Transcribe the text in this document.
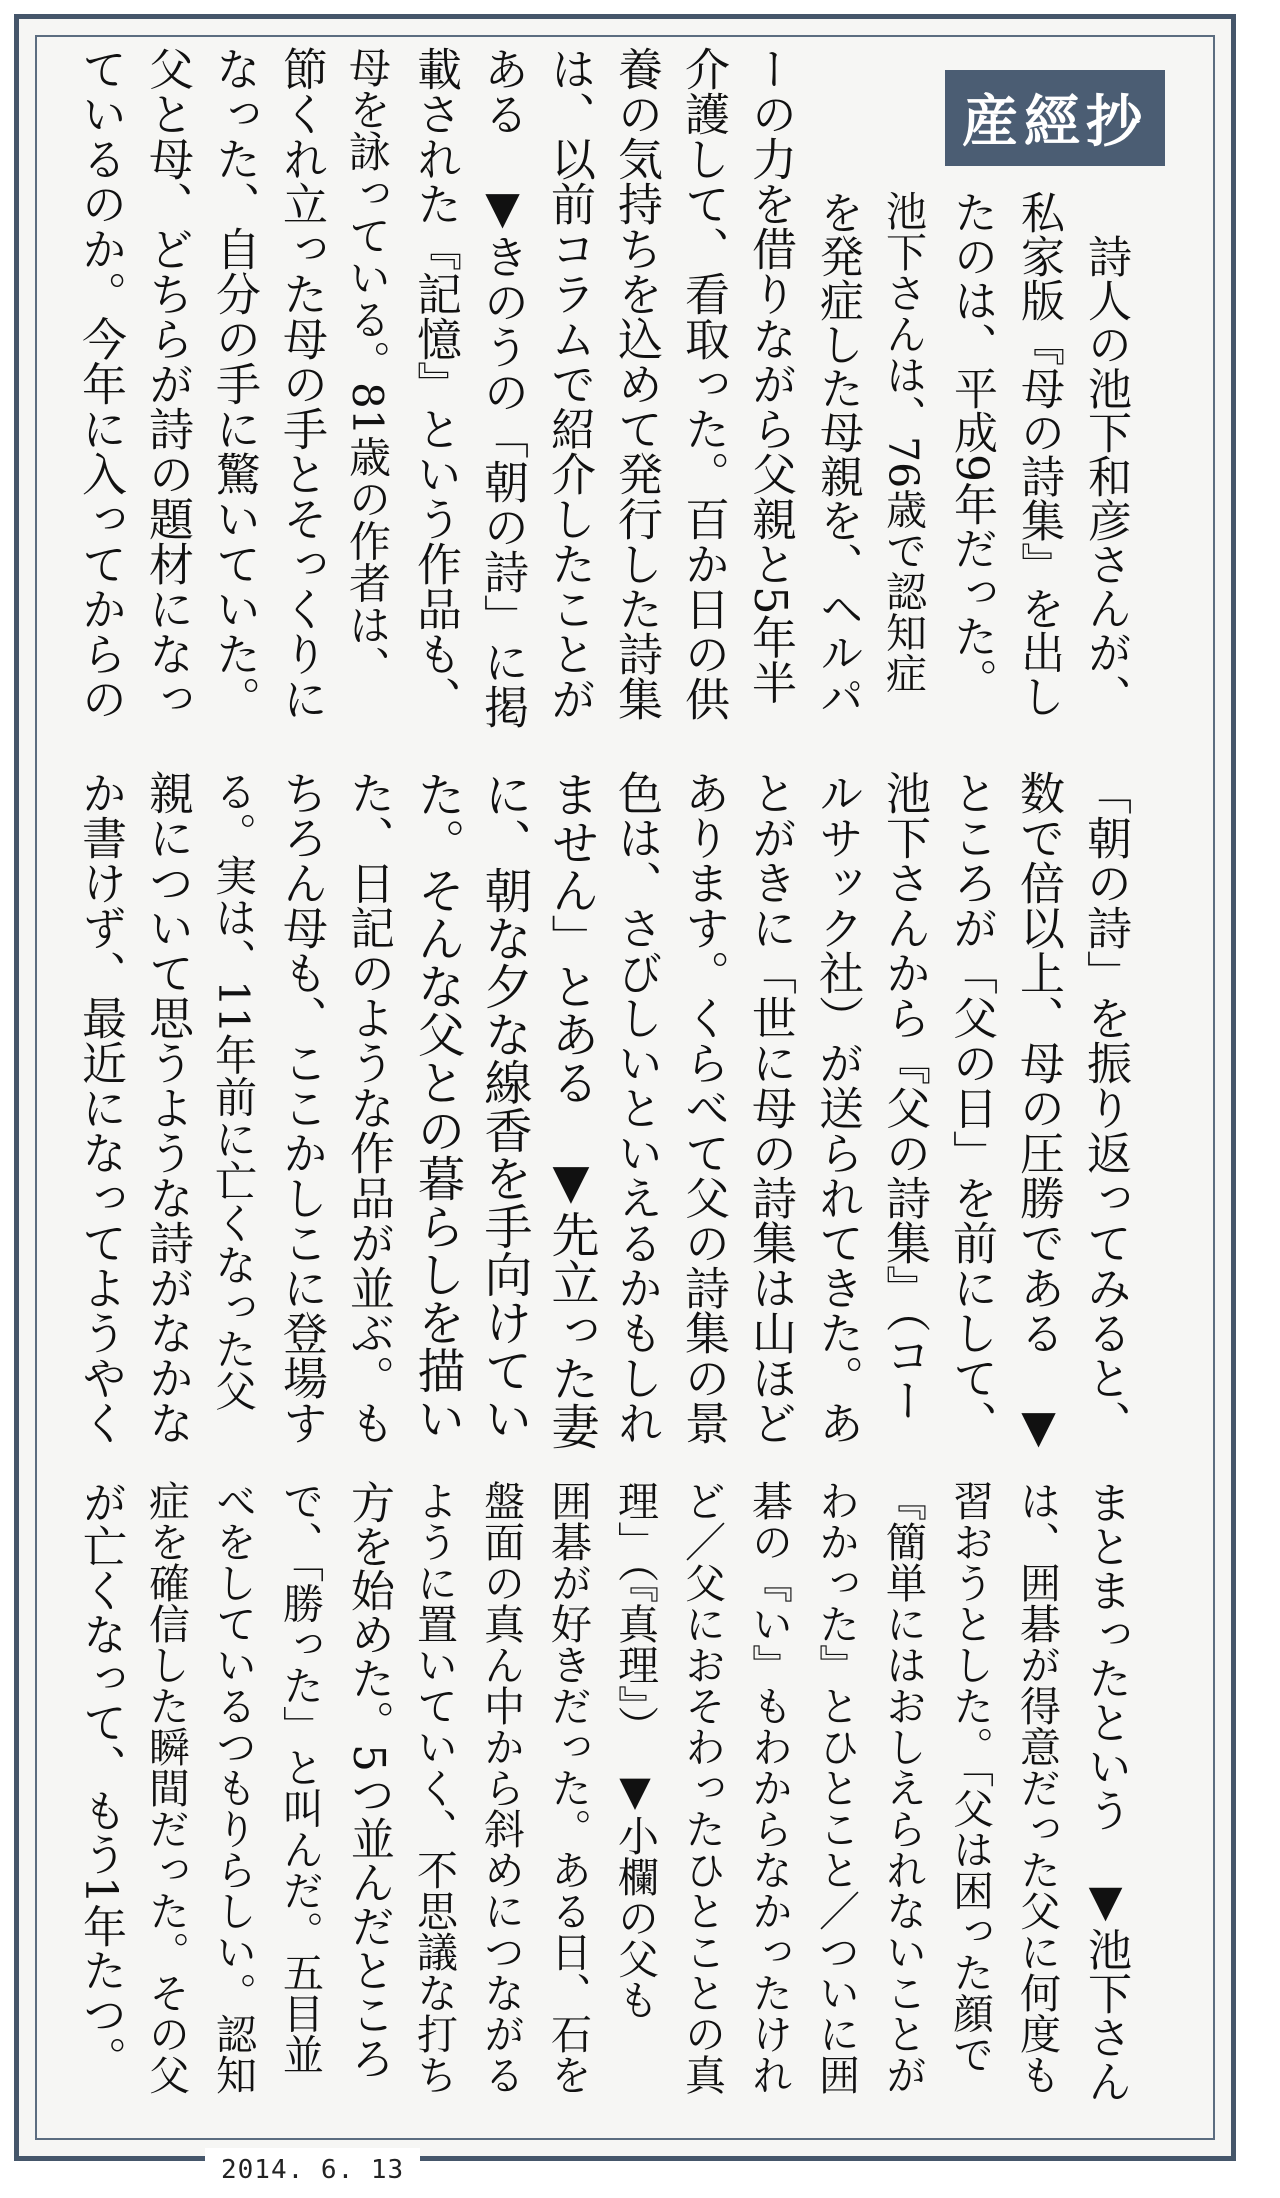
産經抄
2014. 6. 13
　詩人の池下和彦さんが、
私家版『母の詩集』を出し
たのは、平成9年だった。
池下さんは、76歳で認知症
を発症した母親を、ヘルパ
ーの力を借りながら父親と5年半
介護して、看取った。百か日の供
養の気持ちを込めて発行した詩集
は、以前コラムで紹介したことが
ある　▼きのうの「朝の詩」に掲
載された『記憶』という作品も、
母を詠っている。81歳の作者は、
節くれ立った母の手とそっくりに
なった、自分の手に驚いていた。
父と母、どちらが詩の題材になっ
ているのか。今年に入ってからの
「朝の詩」を振り返ってみると、
数で倍以上、母の圧勝である　▼
ところが「父の日」を前にして、
池下さんから『父の詩集』（コー
ルサック社）が送られてきた。あ
とがきに「世に母の詩集は山ほど
あります。くらべて父の詩集の景
色は、さびしいといえるかもしれ
ません」とある　▼先立った妻
に、朝な夕な線香を手向けてい
た。そんな父との暮らしを描い
た、日記のような作品が並ぶ。も
ちろん母も、ここかしこに登場す
る。実は、11年前に亡くなった父
親について思うような詩がなかな
か書けず、最近になってようやく
まとまったという　▼池下さん
は、囲碁が得意だった父に何度も
習おうとした。「父は困った顔で
『簡単にはおしえられないことが
わかった』とひとこと／ついに囲
碁の『い』もわからなかったけれ
ど／父におそわったひとことの真
理」（『真理』）　▼小欄の父も
囲碁が好きだった。ある日、石を
盤面の真ん中から斜めにつながる
ように置いていく、不思議な打ち
方を始めた。5つ並んだところ
で、「勝った」と叫んだ。五目並
べをしているつもりらしい。認知
症を確信した瞬間だった。その父
が亡くなって、もう1年たつ。
